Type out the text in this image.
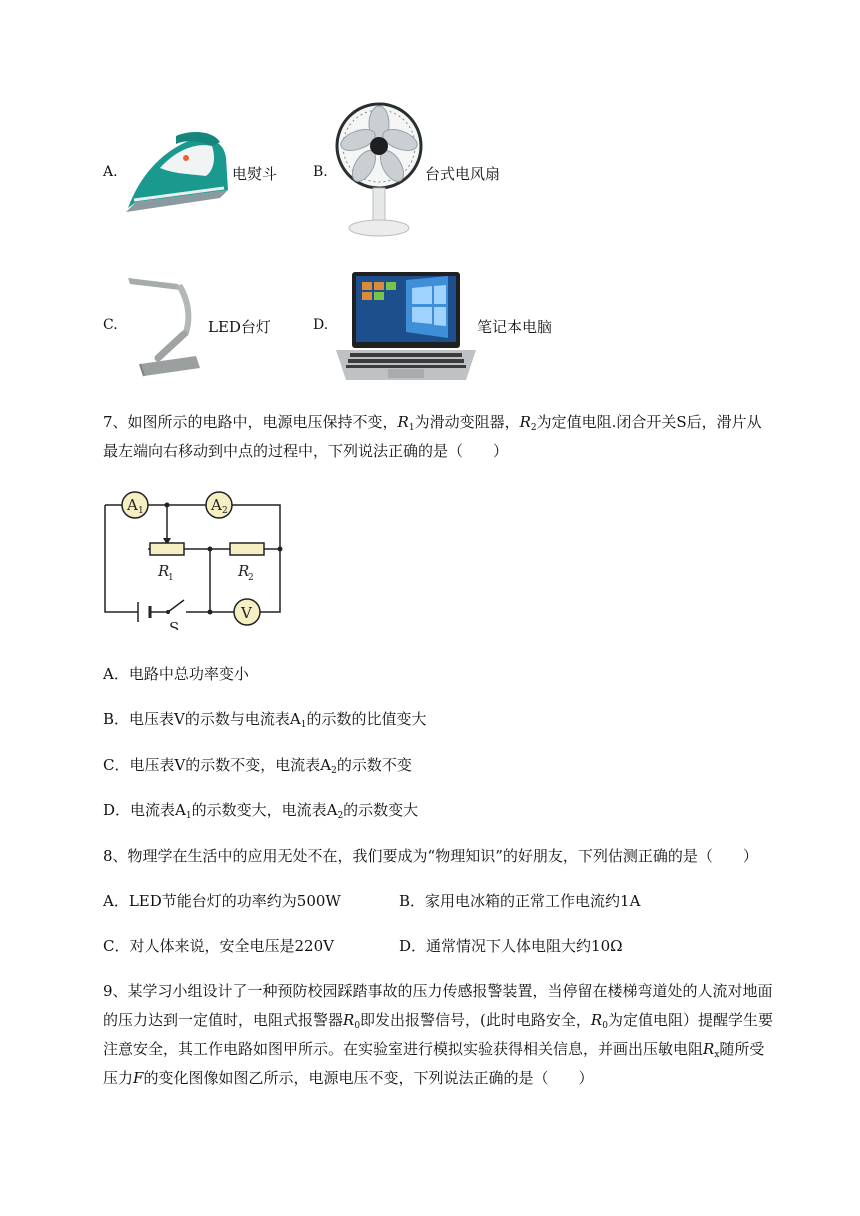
A.	电熨斗	B.	台式电风扇
C.	LED台灯	D.	笔记本电脑
7、如图所示的电路中，电源电压保持不变，$R_1$为滑动变阻器，$R_2$为定值电阻.闭合开关S后，滑片从
最左端向右移动到中点的过程中，下列说法正确的是（　　）
A 1	A 2
V
R
1	R
2
S
A．电路中总功率变小
B．电压表V的示数与电流表$A_1$的示数的比值变大
C．电压表V的示数不变，电流表$A_2$的示数不变
D．电流表$A_1$的示数变大，电流表$A_2$的示数变大
8、物理学在生活中的应用无处不在，我们要成为“物理知识”的好朋友，下列估测正确的是（　　）
A．LED节能台灯的功率约为500W	B．家用电冰箱的正常工作电流约1A
C．对人体来说，安全电压是220V	D．通常情况下人体电阻大约10Ω
9、某学习小组设计了一种预防校园踩踏事故的压力传感报警装置，当停留在楼梯弯道处的人流对地面
的压力达到一定值时，电阻式报警器$R_0$即发出报警信号，(此时电路安全，$R_0$为定值电阻）提醒学生要
注意安全，其工作电路如图甲所示。在实验室进行模拟实验获得相关信息，并画出压敏电阻$R_x$随所受
压力F的变化图像如图乙所示，电源电压不变，下列说法正确的是（　　）
